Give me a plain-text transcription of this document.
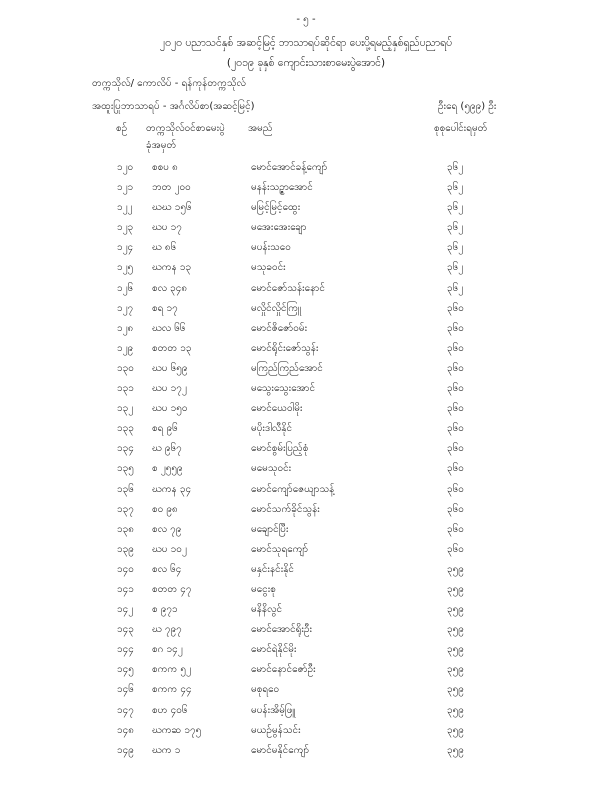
- ၅ -
၂၀၂၀ ပညာသင်နှစ် အဆင့်မြင့် ဘာသာရပ်ဆိုင်ရာ ပေးပို့ရမည့်နှစ်ရှည်ပညာရပ်
(၂၀၁၉ ခုနှစ် ကျောင်းသားစာမေးပွဲအောင်)
တက္ကသိုလ်/ ကောလိပ် - ရန်ကုန်တက္ကသိုလ်
အထူးပြုဘာသာရပ် - အင်္ဂလိပ်စာ(အဆင့်မြင့်)	ဦးရေ (၅၉၉) ဦး
စဉ် တက္ကသိုလ်ဝင်စာမေးပွဲ
ခုံအမှတ်
အမည်	စုစုပေါင်းရမှတ်
၁၂၀ စစပ ၈	မောင်အောင်ခန့်ကျော်	၃၆၂
၁၂၁ ဘတ ၂၀၀	မနန်းသဉ္ဇာအောင်	၃၆၂
၁၂၂ ဃဃ ၁၅၆	မမြင့်မြင့်ထွေး	၃၆၂
၁၂၃ ဃပ ၁၇	မအေးအေးချော	၃၆၂
၁၂၄ ဃ ၈၆	မပန်းသဝေ	၃၆၂
၁၂၅ ဃကန ၁၃	မသုခဝင်း	၃၆၂
၁၂၆ စလ ၃၄၈	မောင်ဇော်သန်းနောင်	၃၆၂
၁၂၇ စရ ၁၇	မလှိုင်လှိုင်ကြူ	၃၆၀
၁၂၈ ဃလ ၆၆	မောင်ဇိဇော်ဝမ်း	၃၆၀
၁၂၉ စတတ ၁၃	မောင်ရိုင်းဇော်သွန်း	၃၆၀
၁၃၀ ဃပ ၆၅၉	မကြည်ကြည်အောင်	၃၆၀
၁၃၁ ဃပ ၁၇၂	မသွေးသွေးအောင်	၃၆၀
၁၃၂ ဃပ ၁၅၀	မောင်ယေဝါမိုး	၃၆၀
၁၃၃ စရ ၉၆	မပိုးဒါလီနိုင်	၃၆၀
၁၃၄ ဃ ၉၆၇	မောင်စွမ်းပြည့်စုံ	၃၆၀
၁၃၅ စ ၂၅၅၉	မမေသုဝင်း	၃၆၀
၁၃၆ ဃကန ၃၄	မောင်ကျော်ဇေယျာသန့်	၃၆၀
၁၃၇ စဝ ၉၈	မောင်သက်ခိုင်သွန်း	၃၆၀
၁၃၈ စလ ၇၉	မချောင်ပြီး	၃၆၀
၁၃၉ ဃပ ၁၀၂	မောင်သုရကျော်	၃၆၀
၁၄၀ စလ ၆၄	မနှင်းနင်းနိုင်	၃၅၉
၁၄၁ စတတ ၄၇	မငွေးစု	၃၅၉
၁၄၂ စ ၉၇၁	မနိနိလွင်	၃၅၉
၁၄၃ ဃ ၇၉၇	မောင်အောင်ရိုးဦး	၃၅၉
၁၄၄ စဂ ၁၄၂	မောင်ရဲနိုင်မိုး	၃၅၉
၁၄၅ စကက ၅၂	မောင်နောင်ဇော်ဦး	၃၅၉
၁၄၆ စကက ၄၄	မစုရဝေ	၃၅၉
၁၄၇ စဟ ၄၀၆	မပန်းအိမ့်ဖြူ	၃၅၉
၁၄၈ ဃကဆ ၁၇၅	မယဉ်မွန်သင်း	၃၅၉
၁၄၉ ဃက ၁	မောင်မနိုင်ကျော်	၃၅၉
